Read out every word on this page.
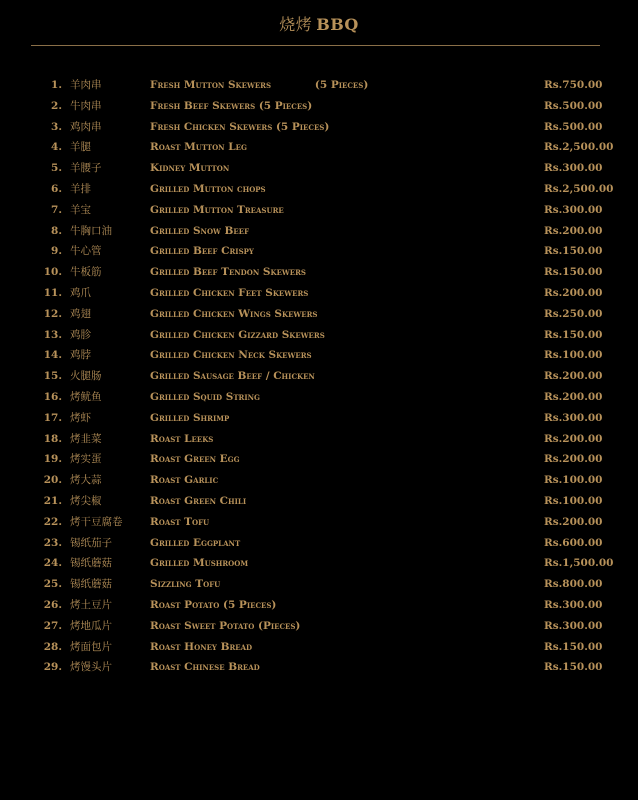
烧烤 BBQ
1. 羊肉串	Fresh Mutton Skewers            (5 Pieces)	Rs.750.00
2. 牛肉串	Fresh Beef Skewers (5 Pieces)	Rs.500.00
3. 鸡肉串	Fresh Chicken Skewers (5 Pieces)	Rs.500.00
4. 羊腿	Roast Mutton Leg	Rs.2,500.00
5. 羊腰子	Kidney Mutton	Rs.300.00
6. 羊排	Grilled Mutton chops	Rs.2,500.00
7. 羊宝	Grilled Mutton Treasure	Rs.300.00
8. 牛胸口油	Grilled Snow Beef	Rs.200.00
9. 牛心管	Grilled Beef Crispy	Rs.150.00
10. 牛板筋	Grilled Beef Tendon Skewers	Rs.150.00
11. 鸡爪	Grilled Chicken Feet Skewers	Rs.200.00
12. 鸡翅	Grilled Chicken Wings Skewers	Rs.250.00
13. 鸡胗	Grilled Chicken Gizzard Skewers	Rs.150.00
14. 鸡脖	Grilled Chicken Neck Skewers	Rs.100.00
15. 火腿肠	Grilled Sausage Beef / Chicken	Rs.200.00
16. 烤鱿鱼	Grilled Squid String	Rs.200.00
17. 烤虾	Grilled Shrimp	Rs.300.00
18. 烤韭菜	Roast Leeks	Rs.200.00
19. 烤实蛋	Roast Green Egg	Rs.200.00
20. 烤大蒜	Roast Garlic	Rs.100.00
21. 烤尖椒	Roast Green Chili	Rs.100.00
22. 烤干豆腐卷	Roast Tofu	Rs.200.00
23. 锡纸茄子	Grilled Eggplant	Rs.600.00
24. 锡纸蘑菇	Grilled Mushroom	Rs.1,500.00
25. 锡纸蘑菇	Sizzling Tofu	Rs.800.00
26. 烤土豆片	Roast Potato (5 Pieces)	Rs.300.00
27. 烤地瓜片	Roast Sweet Potato (Pieces)	Rs.300.00
28. 烤面包片	Roast Honey Bread	Rs.150.00
29. 烤馒头片	Roast Chinese Bread	Rs.150.00
